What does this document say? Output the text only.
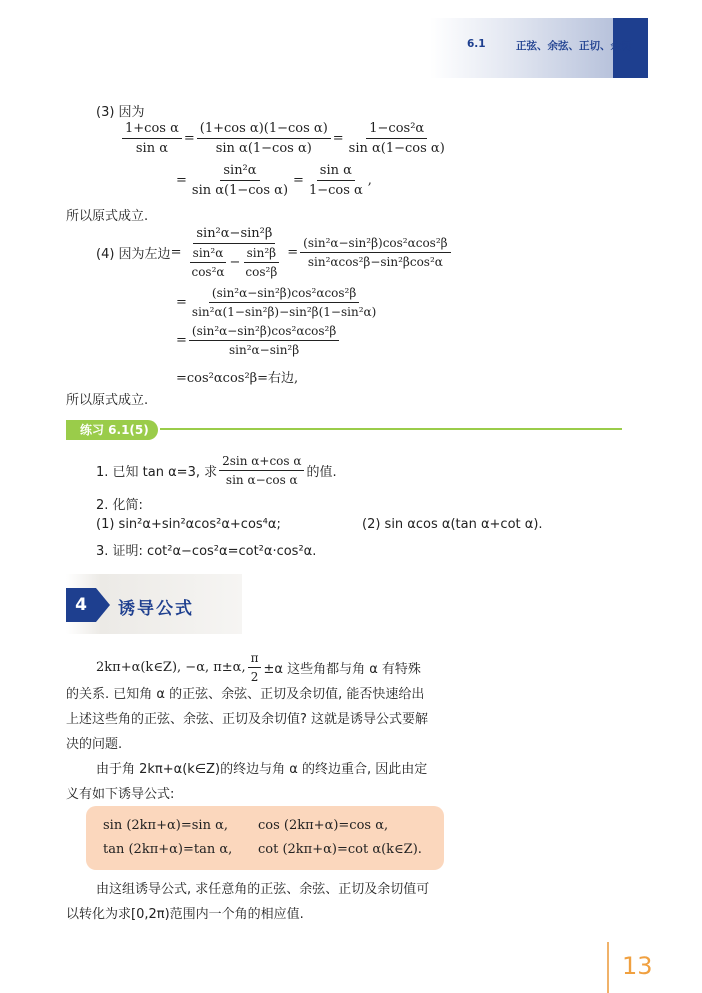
6.1	正弦、余弦、正切、余切
(3) 因为
$\frac{\text{1+cos α}}{\text{sin α}} = \frac{\text{(1+cos α)(1−cos α)}}{\text{sin α(1−cos α)}} = \frac{\text{1−cos²α}}{\text{sin α(1−cos α)}}$
= $\frac{\text{sin²α}}{\text{sin α(1−cos α)}} = \frac{\text{sin α}}{\text{1−cos α}}$ ,
所以原式成立.
(4) 因为左边 = $\frac{\text{sin²α−sin²β}}{\frac{\text{sin²α}}{\text{cos²α}} - \frac{\text{sin²β}}{\text{cos²β}}} = \frac{\text{(sin²α−sin²β)cos²αcos²β}}{\text{sin²αcos²β−sin²βcos²α}}$
= $\frac{\text{(sin²α−sin²β)cos²αcos²β}}{\text{sin²α(1−sin²β)−sin²β(1−sin²α)}}$
= $\frac{\text{(sin²α−sin²β)cos²αcos²β}}{\text{sin²α−sin²β}}$
=cos²αcos²β=右边,
所以原式成立.
练习 6.1(5)
1. 已知 tan α=3, 求 $\frac{\text{2sin α+cos α}}{\text{sin α−cos α}}$ 的值.
2. 化简:
(1) sin²α+sin²αcos²α+cos⁴α;	(2) sin αcos α(tan α+cot α).
3. 证明: cot²α−cos²α=cot²α·cos²α.
4	诱导公式
2kπ+α(k∈Z), −α, π±α, $\frac{\pi}{2} \pm\alpha$ 这些角都与角 α 有特殊
的关系. 已知角 α 的正弦、余弦、正切及余切值, 能否快速给出
上述这些角的正弦、余弦、正切及余切值? 这就是诱导公式要解
决的问题.
由于角 2kπ+α(k∈Z)的终边与角 α 的终边重合, 因此由定
义有如下诱导公式:
sin (2kπ+α)=sin α, cos (2kπ+α)=cos α,
tan (2kπ+α)=tan α, cot (2kπ+α)=cot α(k∈Z).
由这组诱导公式, 求任意角的正弦、余弦、正切及余切值可
以转化为求[0,2π)范围内一个角的相应值.
13
